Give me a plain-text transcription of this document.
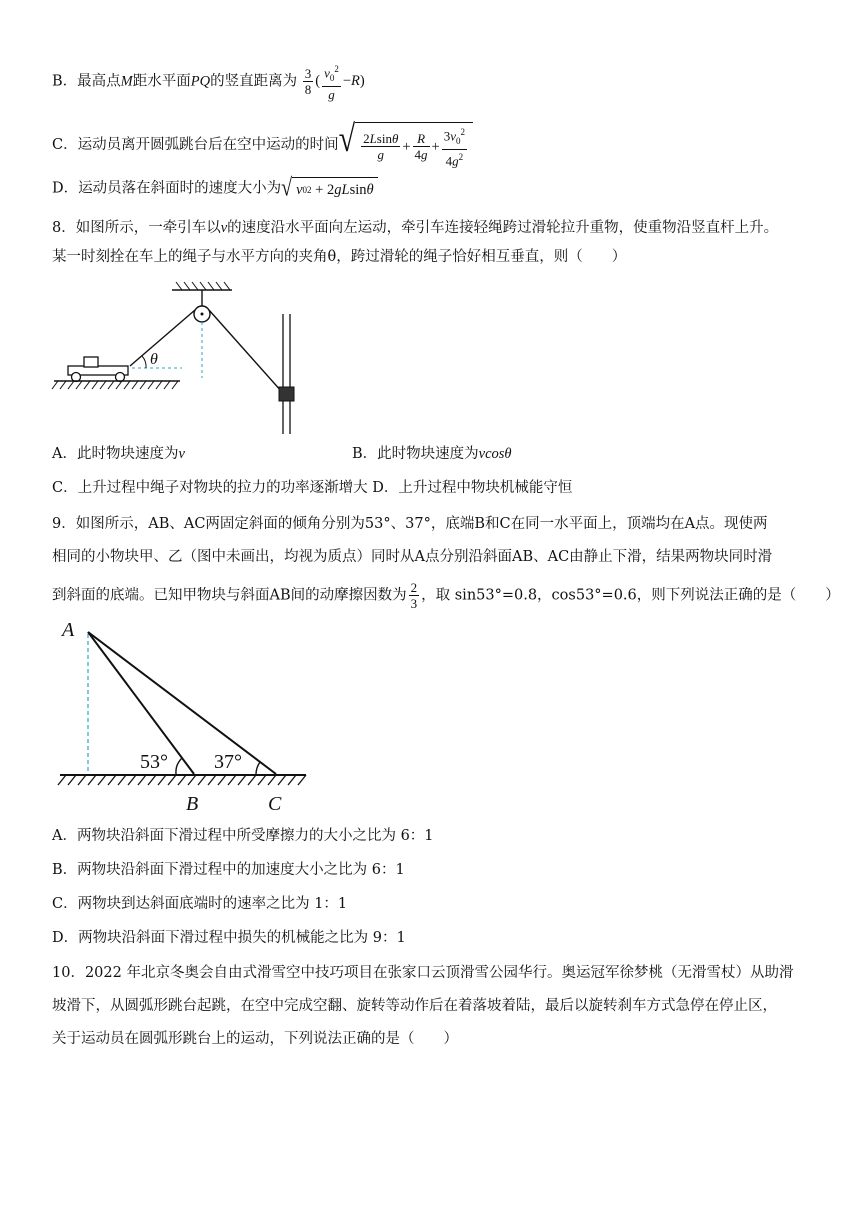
B．最高点M距水平面PQ的竖直距离为 $\frac{3}{8}$ ( $\frac{v_0^2}{g} -R$)
C．运动员离开圆弧跳台后在空中运动的时间 √ $\frac{2Lsin\theta}{g} + \frac{R}{4g} + \frac{3v_0^2}{4g^2}$
D．运动员落在斜面时的速度大小为 √ v 0 2 + 2 gL sin θ
8．如图所示，一牵引车以v的速度沿水平面向左运动，牵引车连接轻绳跨过滑轮拉升重物，使重物沿竖直杆上升。
某一时刻拴在车上的绳子与水平方向的夹角θ，跨过滑轮的绳子恰好相互垂直，则（　　）
θ
A．此时物块速度为v	B．此时物块速度为vcosθ
C．上升过程中绳子对物块的拉力的功率逐渐增大 D．上升过程中物块机械能守恒
9．如图所示，AB、AC两固定斜面的倾角分别为53°、37°，底端B和C在同一水平面上，顶端均在A点。现使两
相同的小物块甲、乙（图中未画出，均视为质点）同时从A点分别沿斜面AB、AC由静止下滑，结果两物块同时滑
到斜面的底端。已知甲物块与斜面AB间的动摩擦因数为 $\frac{2}{3}$ ，取 sin53°=0.8，cos53°=0.6，则下列说法正确的是（　　）
A
53° 37°
B	C
A．两物块沿斜面下滑过程中所受摩擦力的大小之比为 6：1
B．两物块沿斜面下滑过程中的加速度大小之比为 6：1
C．两物块到达斜面底端时的速率之比为 1：1
D．两物块沿斜面下滑过程中损失的机械能之比为 9：1
10．2022 年北京冬奥会自由式滑雪空中技巧项目在张家口云顶滑雪公园华行。奥运冠军徐梦桃（无滑雪杖）从助滑
坡滑下，从圆弧形跳台起跳，在空中完成空翻、旋转等动作后在着落坡着陆，最后以旋转刹车方式急停在停止区，
关于运动员在圆弧形跳台上的运动，下列说法正确的是（　　）
